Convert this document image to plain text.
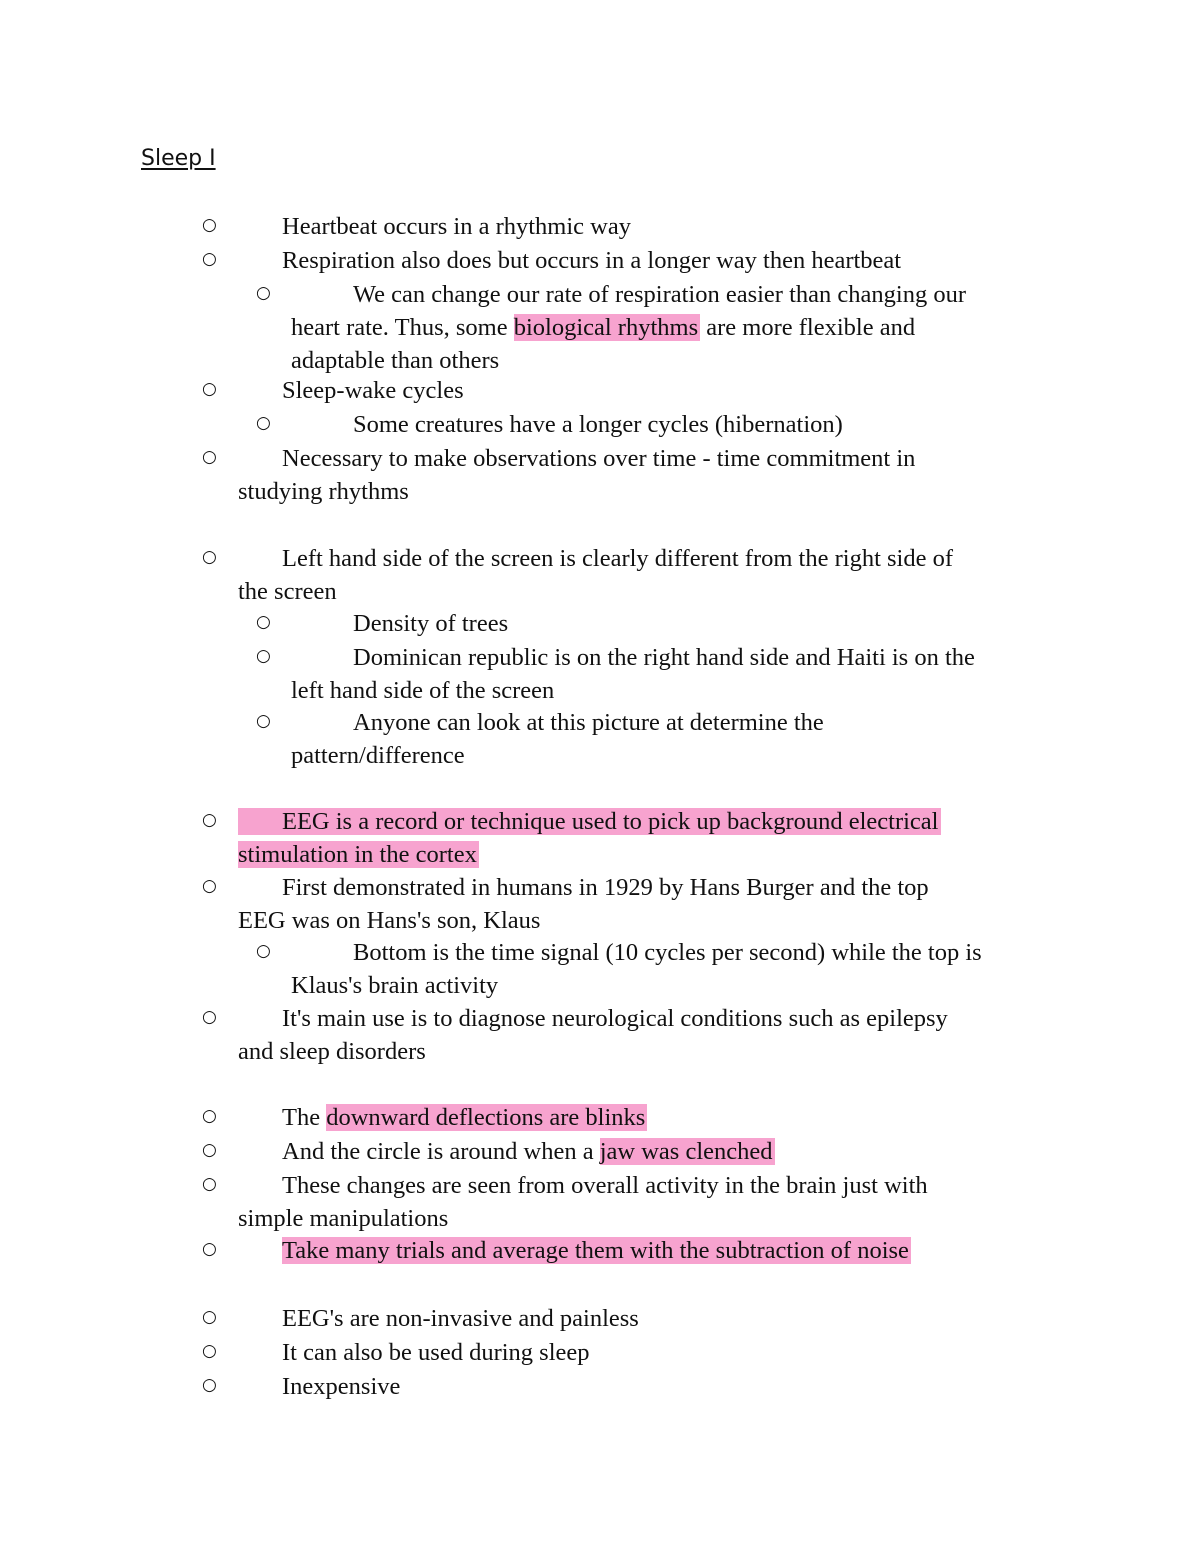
Sleep I
○	Heartbeat occurs in a rhythmic way
○	Respiration also does but occurs in a longer way then heartbeat
○	We can change our rate of respiration easier than changing our
heart rate. Thus, some biological rhythms are more flexible and
adaptable than others
○	Sleep-wake cycles
○	Some creatures have a longer cycles (hibernation)
○	Necessary to make observations over time - time commitment in
studying rhythms
○	Left hand side of the screen is clearly different from the right side of
the screen
○	Density of trees
○	Dominican republic is on the right hand side and Haiti is on the
left hand side of the screen
○	Anyone can look at this picture at determine the
pattern/difference
○	EEG is a record or technique used to pick up background electrical
stimulation in the cortex
○	First demonstrated in humans in 1929 by Hans Burger and the top
EEG was on Hans's son, Klaus
○	Bottom is the time signal (10 cycles per second) while the top is
Klaus's brain activity
○	It's main use is to diagnose neurological conditions such as epilepsy
and sleep disorders
○	The downward deflections are blinks
○	And the circle is around when a jaw was clenched
○	These changes are seen from overall activity in the brain just with
simple manipulations
○	Take many trials and average them with the subtraction of noise
○	EEG's are non-invasive and painless
○	It can also be used during sleep
○	Inexpensive
